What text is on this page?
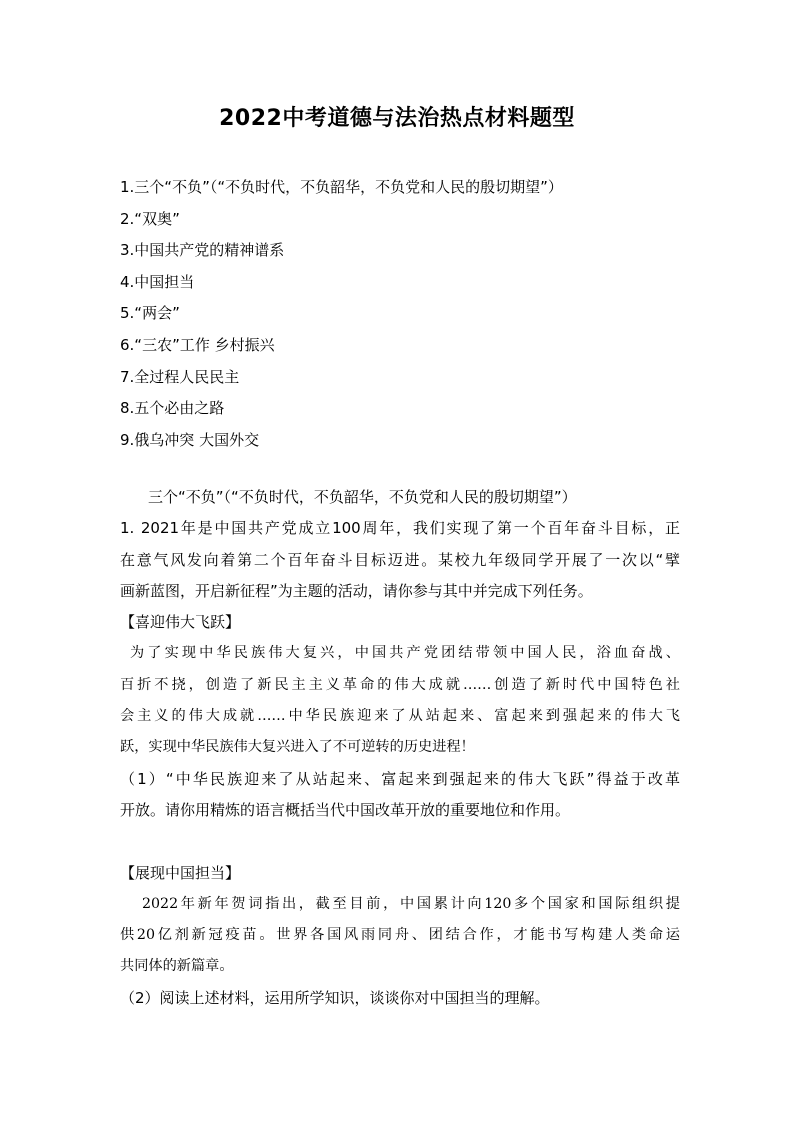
2022中考道德与法治热点材料题型
1.三个“不负”（“不负时代，不负韶华，不负党和人民的殷切期望”）
2.“双奥”
3.中国共产党的精神谱系
4.中国担当
5.“两会”
6.“三农”工作 乡村振兴
7.全过程人民民主
8.五个必由之路
9.俄乌冲突 大国外交
三个“不负”（“不负时代，不负韶华，不负党和人民的殷切期望”）
1. 2021年是中国共产党成立100周年，我们实现了第一个百年奋斗目标，正
在意气风发向着第二个百年奋斗目标迈进。某校九年级同学开展了一次以“擘
画新蓝图，开启新征程”为主题的活动，请你参与其中并完成下列任务。
【喜迎伟大飞跃】
为了实现中华民族伟大复兴，中国共产党团结带领中国人民，浴血奋战、
百折不挠，创造了新民主主义革命的伟大成就……创造了新时代中国特色社
会主义的伟大成就……中华民族迎来了从站起来、富起来到强起来的伟大飞
跃，实现中华民族伟大复兴进入了不可逆转的历史进程！
（1）“中华民族迎来了从站起来、富起来到强起来的伟大飞跃”得益于改革
开放。请你用精炼的语言概括当代中国改革开放的重要地位和作用。
【展现中国担当】
2022年新年贺词指出，截至目前，中国累计向120多个国家和国际组织提
供20亿剂新冠疫苗。世界各国风雨同舟、团结合作，才能书写构建人类命运
共同体的新篇章。
（2）阅读上述材料，运用所学知识，谈谈你对中国担当的理解。
